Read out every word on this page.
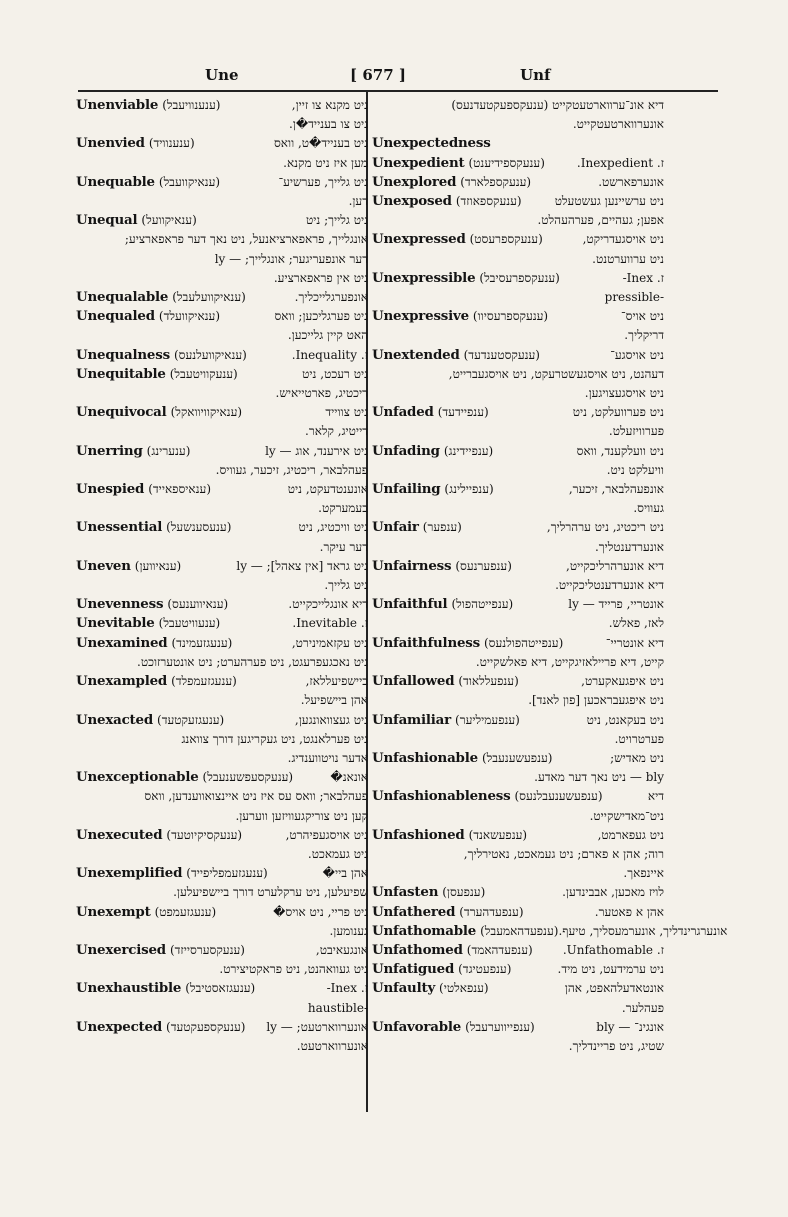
Une	[ 677 ]	Unf
Unenviable (ענענוויעבל)	ניט מקנא צו זיין,
ניט צו בענייד�ן.
Unenvied (ענענוויד)	ניט בענייד�ט, וואס
מען איז ניט מקנא.
Unequable (ענאיקוועבל)	ניט גלייך, פערשיע־
דען.
Unequal (ענאיקוועל)	ניט גלייך; ניט
אונגלייך, פראפארציאנעל, ניט נאך דער פראפארציע;
דער אונפעריגער; אונגלייך; — ly
ניט אין פראפארציע.
Unequalable (ענאיקוועלעבל)	אונפערגלייכליך.
Unequaled (ענאיקוועלד)	ניט פערגליכען; וואס
האט קיין גלייכען.
Unequalness (ענאיקוועלנעס)	ז. Inequality.
Unequitable (ענעקוויטעבל)	ניט רעכט, ניט
ריכטיג, פארטייאיש.
Unequivocal (ענאיקוויוואקל)	ניט צווייד
דייטיג, קלאר.
Unerring (ענערינג)	ניט אירענד, אוג — ly
פעהלבאר, ריכטיג, זיכער, געוויס.
Unespied (ענאיספאייד)	אונענטדעקט, ניט
בעמערקט.
Unessential (ענעסענשעל)	ניט וויכטיג, ניט
דער עיקר.
Uneven (ענאיווען)	ניט גראד [אין צאהל]; — ly
ניט גלייך.
Unevenness (ענאיווענעס)	דיא אונגלייכקייט.
Unevitable (ענעוויטעבל)	ז. Inevitable.
Unexamined (ענעגזעמינד)	ניט עקזאמינירט,
ניט נאכגעפרעגט, ניט פערהערט; ניט אונטערזוכט.
Unexampled (ענעגזעמפלד)	ביישפיעללאז,
אהן ביישפיעל.
Unexacted (ענעגזעקטעד)	ניט געצוואונגען,
ניט פערלאנגט, ניט געקריגען דורך צוואנג
אדער נויטווענדיג.
Unexceptionable (ענעקסעפשענעבל)	אונאנ�
פעהלבאר; וואס עס איז ניט איינצואווענדען, וואס
קען ניט צוריקגעוויזען ווערען.
Unexecuted (ענעקסיקיוטעד)	ניט אויסגעפיהרט,
ניט געמאכט.
Unexemplified (ענעגזעמפליפייד)	אהן ביי�
שפיעלען, ניט ערקלערט דורך ביישפיעלען.
Unexempt (ענעגזעמפט)	ניט פריי, ניט אויס�
גענומען.
Unexercised (ענעקסערסייזד)	אונגעאיבט,
ניט געוואהנט, ניט פראקטיצירט.
Unexhaustible (ענעגזאסטיבל)	ז. Inex-
-haustible
Unexpected (ענעקספעקטעד)	אונערווארטעט; — ly
אונערווארטעט.
דיא אונ־ערווארטעטקייט (ענעקספעקטעדנעס)
אונערווארטעטקייט.
Unexpectedness
Unexpedient (ענעקספידיענט)	ז. Inexpedient.
Unexplored (ענעקספלארד)	אונערפארשט.
Unexposed (ענעקספאוזד)	ניט ערשיינען געשטעלט
אפען; געהיים, פערהעהלט.
Unexpressed (ענעקספרעסט)	ניט אויסגעדריקט,
ניט ערווערטנט.
Unexpressible (ענעקספרעסיבל)	ז. Inex-
-pressible
Unexpressive (ענעקספרעסיוו)	ניט אויס־
דריקליך.
Unextended (ענעקסטענדעד)	ניט אויסגע־
דעהנט, ניט אויסגעשטרעקט, ניט אויסגעברייט,
ניט אויסגעצויגען.
Unfaded (ענפיידעד)	ניט פערוועלקט, ניט
פערוויזעלט.
Unfading (ענפיידינג)	ניט וועלקענד, וואס
וויעלקט ניט.
Unfailing (ענפיילינג)	אונפעהלבאר, זיכער,
געוויס.
Unfair (ענפער)	ניט ריכטיג, ניט ערהרליך,
אונערדענטליך.
Unfairness (ענפערנעס)	דיא אונערהרליכקייט,
דיא אונערדענטליכקייט.
Unfaithful (ענפייטהפול)	אונטריי, פרייד — ly
לאז, פאלש.
Unfaithfulness (ענפייטהפולנעס)	דיא אונטריי־
קייט, דיא פריילאזיגקייט, דיא פאלשקייט.
Unfallowed (ענפעללאוד)	ניט איפגעאקערט,
ניט איפגעבראכען [פון לאנד].
Unfamiliar (ענפעמיליער)	ניט בעקאנט, ניט
פערטרויט.
Unfashionable (ענפעשענעבל)	ניט מאדיש;
bly — ניט נאך דער מאדע.
Unfashionableness (ענפעשענעבלנעס)	דיא
ניט־מאדישקייט.
Unfashioned (ענפעשאנד)	ניט געפארמט,
רוה; אהן א פארם; ניט געמאכט, נאטירליך,
איינפאך.
Unfasten (ענפעסן)	לויז מאכען, אבבינדען.
Unfathered (ענפעדהערד)	אהן א פאטער.
Unfathomable (ענפעדהאמעבל) אונערגרינדליך, אונערמעסליך, טיעף.
Unfathomed (ענפעדהאמד)	ז. Unfathomable.
Unfatigued (ענפעטיגד)	ניט ערמידעט, ניט מיד.
Unfaulty (ענפאלטי)	אונטאדעלהאפט, אהן
פעהלער.
Unfavorable (ענפייווערעבל)	אונגינ־ — bly
שטיג, ניט פריינדליך.
